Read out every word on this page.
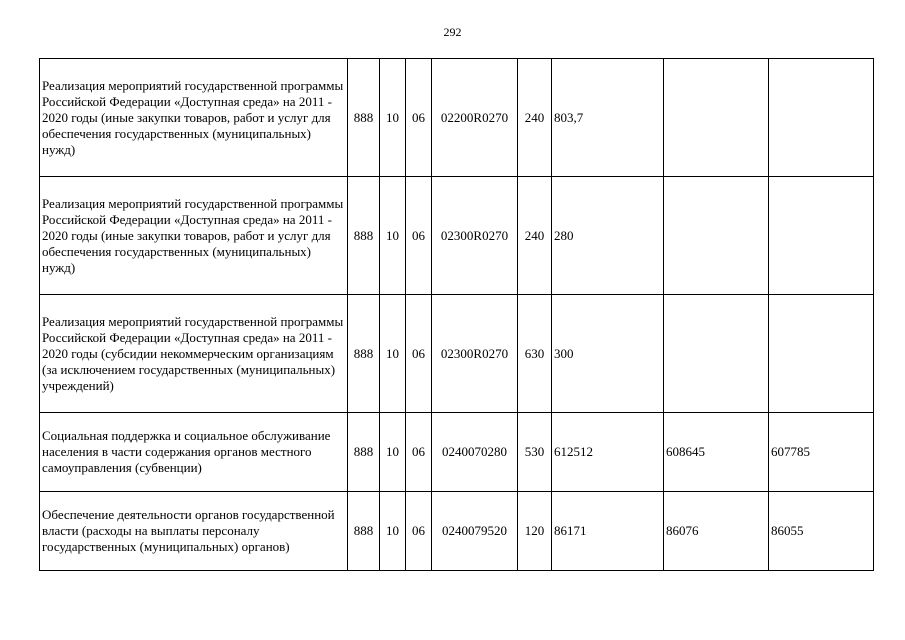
292
Реализация мероприятий государственной программы Российской Федерации «Доступная среда» на 2011 - 2020 годы (иные закупки товаров, работ и услуг для обеспечения государственных (муниципальных) нужд)	888	10	06	02200R0270	240	803,7		
Реализация мероприятий государственной программы Российской Федерации «Доступная среда» на 2011 - 2020 годы (иные закупки товаров, работ и услуг для обеспечения государственных (муниципальных) нужд)	888	10	06	02300R0270	240	280		
Реализация мероприятий государственной программы Российской Федерации «Доступная среда» на 2011 - 2020 годы (субсидии некоммерческим организациям (за исключением государственных (муниципальных) учреждений)	888	10	06	02300R0270	630	300		
Социальная поддержка и социальное обслуживание населения в части содержания органов местного самоуправления (субвенции)	888	10	06	0240070280	530	612512	608645	607785
Обеспечение деятельности органов государственной власти (расходы на выплаты персоналу государственных (муниципальных) органов)	888	10	06	0240079520	120	86171	86076	86055
